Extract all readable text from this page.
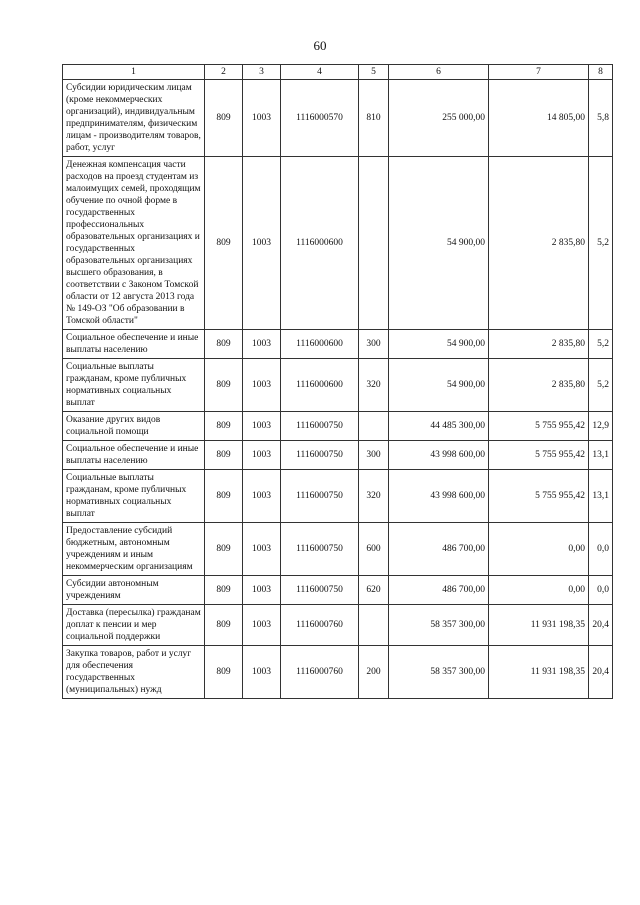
60
1	2	3	4	5	6	7	8
Субсидии юридическим лицам (кроме некоммерческих организаций), индивидуальным предпринимателям, физическим лицам - производителям товаров, работ, услуг	809	1003	1116000570	810	255 000,00	14 805,00	5,8
Денежная компенсация части расходов на проезд студентам из малоимущих семей, проходящим обучение по очной форме в государственных профессиональных образовательных организациях и государственных образовательных организациях высшего образования, в соответствии с Законом Томской области от 12 августа 2013 года № 149-ОЗ "Об образовании в Томской области"	809	1003	1116000600		54 900,00	2 835,80	5,2
Социальное обеспечение и иные выплаты населению	809	1003	1116000600	300	54 900,00	2 835,80	5,2
Социальные выплаты гражданам, кроме публичных нормативных социальных выплат	809	1003	1116000600	320	54 900,00	2 835,80	5,2
Оказание других видов социальной помощи	809	1003	1116000750		44 485 300,00	5 755 955,42	12,9
Социальное обеспечение и иные выплаты населению	809	1003	1116000750	300	43 998 600,00	5 755 955,42	13,1
Социальные выплаты гражданам, кроме публичных нормативных социальных выплат	809	1003	1116000750	320	43 998 600,00	5 755 955,42	13,1
Предоставление субсидий бюджетным, автономным учреждениям и иным некоммерческим организациям	809	1003	1116000750	600	486 700,00	0,00	0,0
Субсидии автономным учреждениям	809	1003	1116000750	620	486 700,00	0,00	0,0
Доставка (пересылка) гражданам доплат к пенсии и мер социальной поддержки	809	1003	1116000760		58 357 300,00	11 931 198,35	20,4
Закупка товаров, работ и услуг для обеспечения государственных (муниципальных) нужд	809	1003	1116000760	200	58 357 300,00	11 931 198,35	20,4
